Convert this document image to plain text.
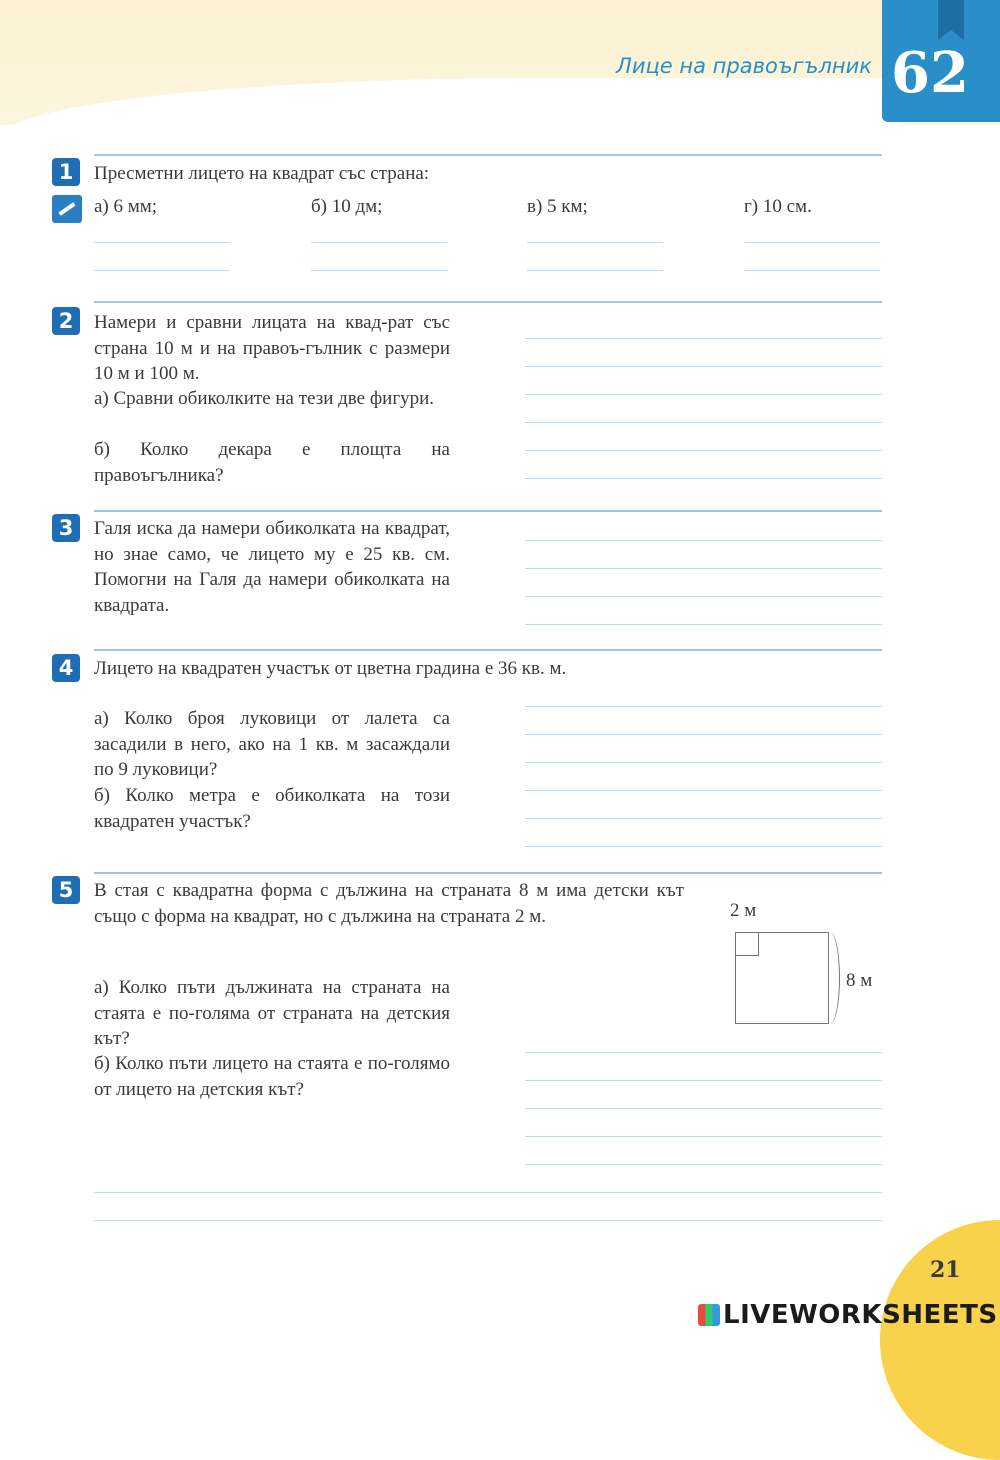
Лице на правоъгълник 62
1	Пресметни лицето на квадрат със страна:
а) 6 мм;	б) 10 дм;	в) 5 км;	г) 10 см.
2	Намери и сравни лицата на квад-рат със страна 10 м и на правоъ-гълник с размери 10 м и 100 м.
а) Сравни обиколките на тези две фигури.
б) Колко декара е площта на правоъгълника?
3	Галя иска да намери обиколката на квадрат, но знае само, че лицето му е 25 кв. см. Помогни на Галя да намери обиколката на квадрата.
4	Лицето на квадратен участък от цветна градина е 36 кв. м.
а) Колко броя луковици от лалета са засадили в него, ако на 1 кв. м засаждали по 9 луковици?
б) Колко метра е обиколката на този квадратен участък?
5	В стая с квадратна форма с дължина на страната 8 м има детски кът също с форма на квадрат, но с дължина на страната 2 м.
а) Колко пъти дължината на страната на стаята е по-голяма от страната на детския кът?
б) Колко пъти лицето на стаята е по-голямо от лицето на детския кът?
2 м
8 м
21
LIVEWORKSHEETS
